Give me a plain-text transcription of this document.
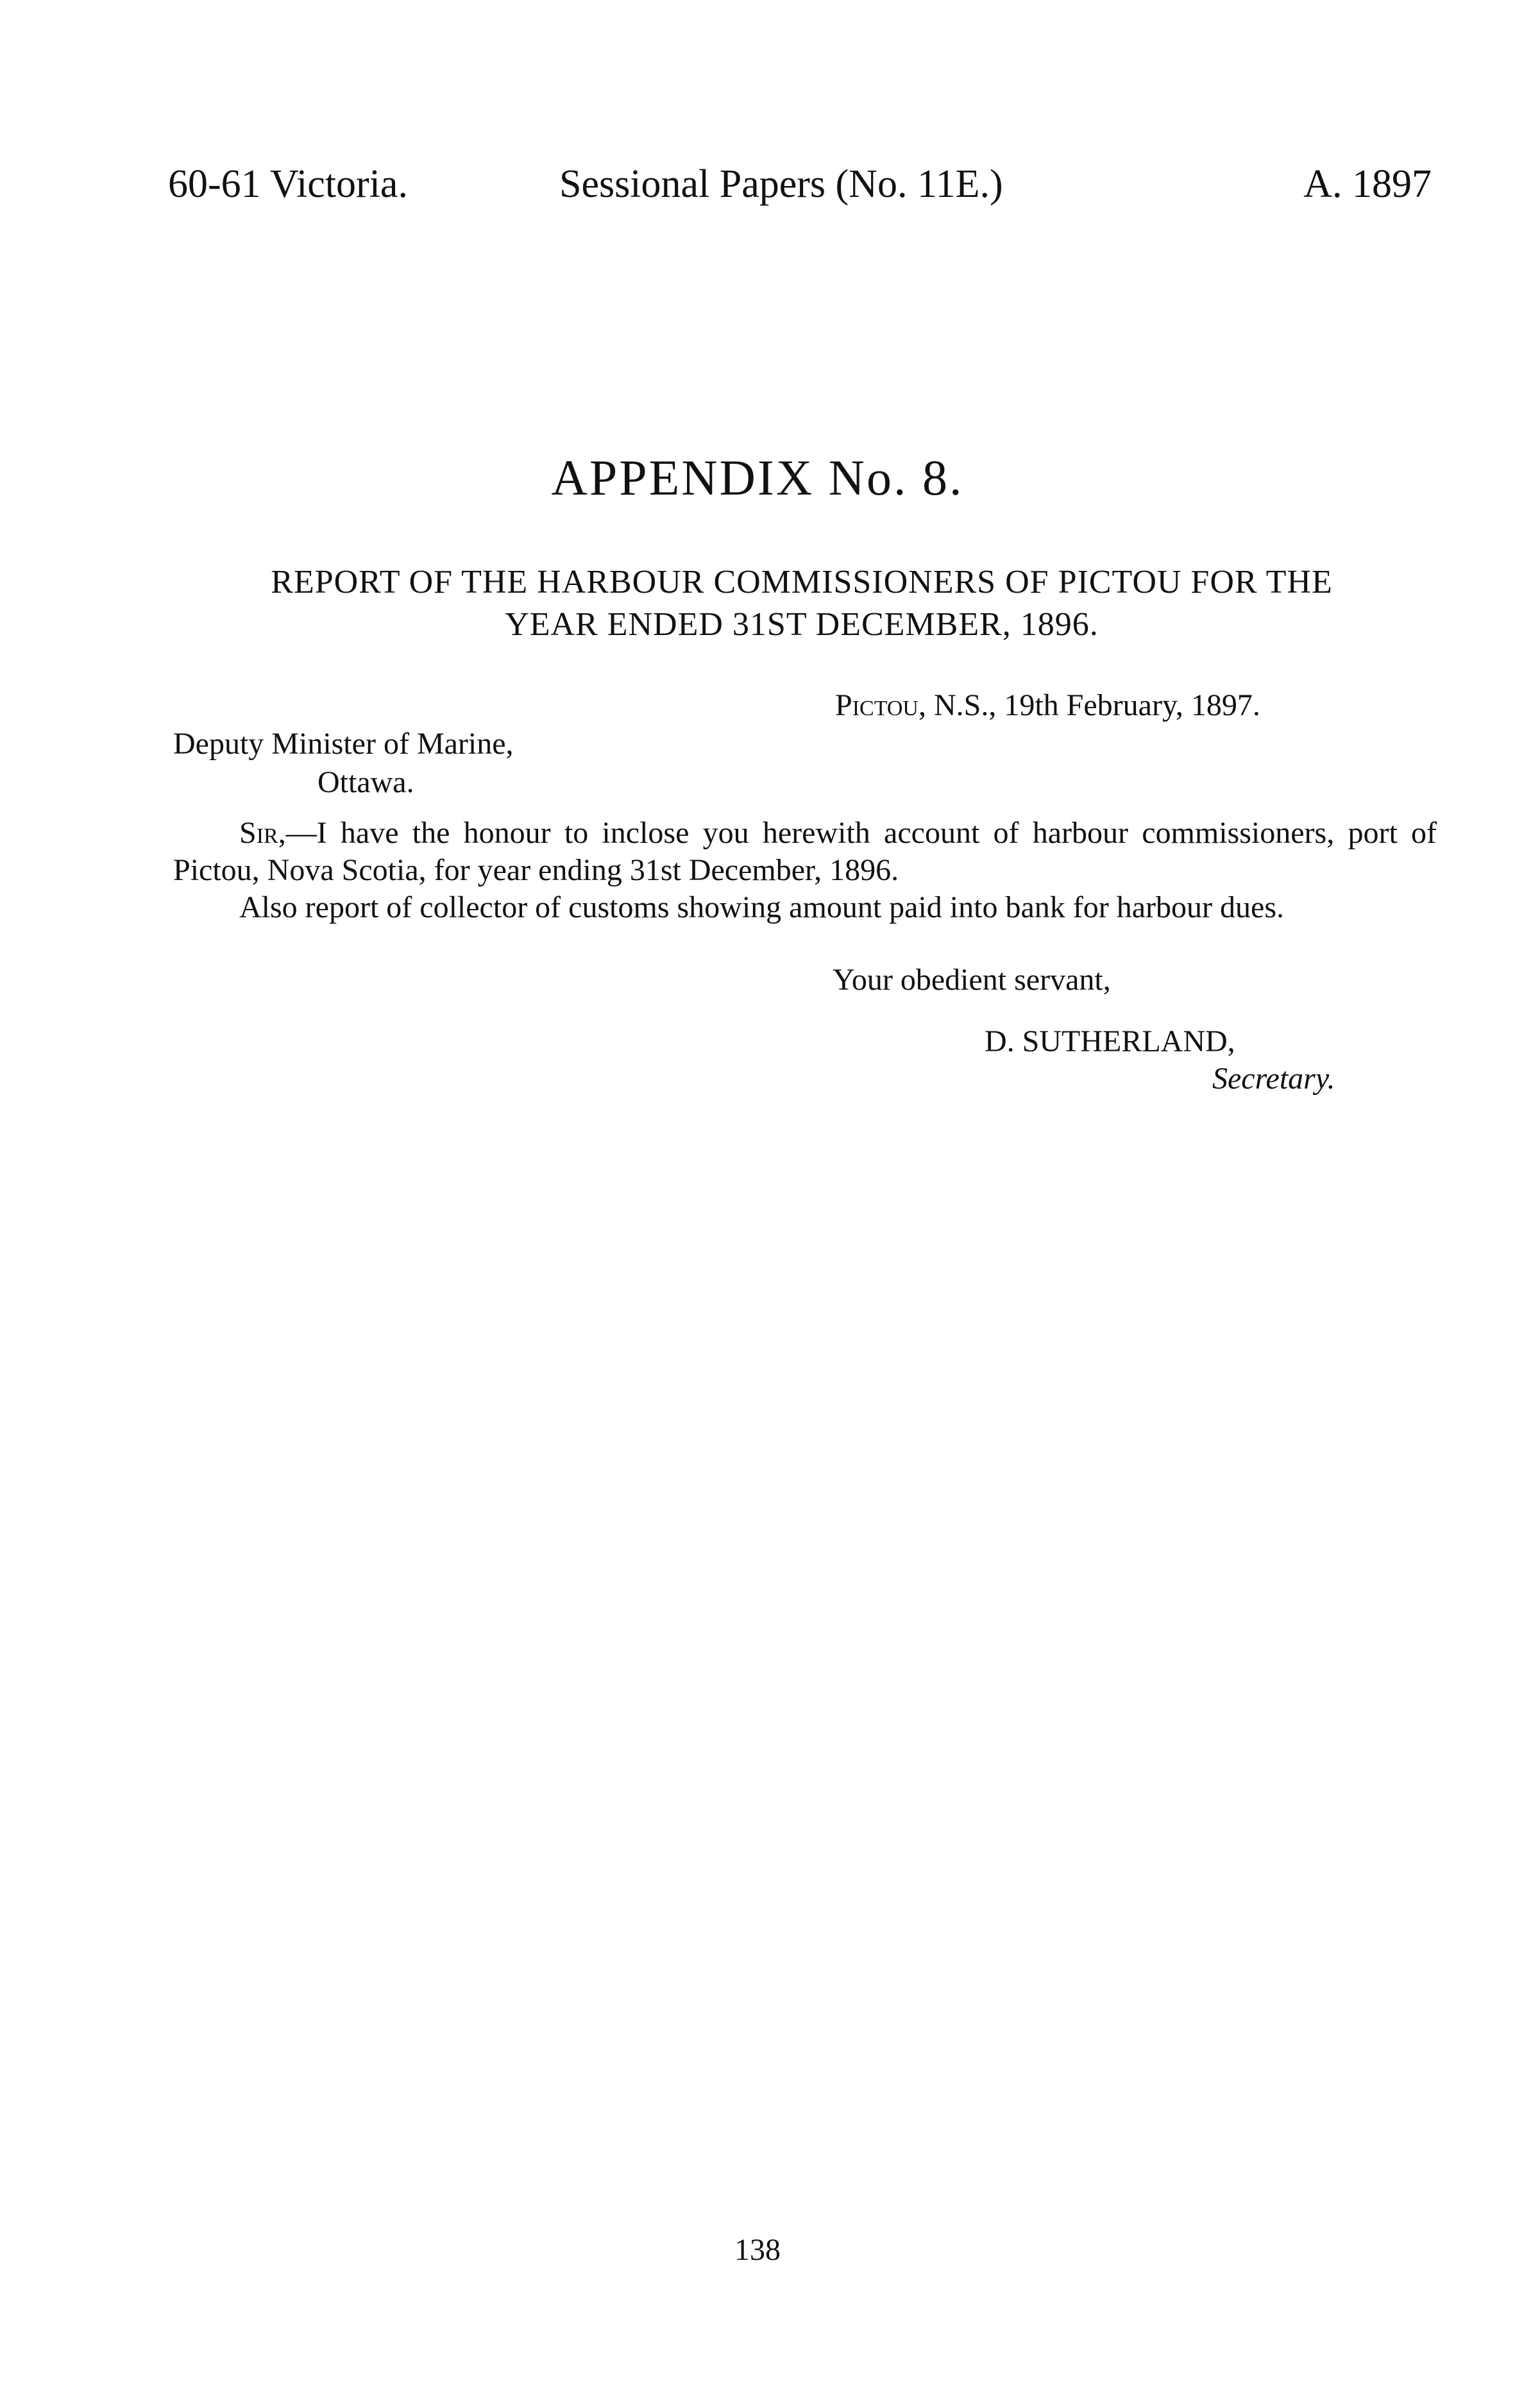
60-61 Victoria.	Sessional Papers (No. 11E.)	A. 1897
APPENDIX No. 8.
REPORT OF THE HARBOUR COMMISSIONERS OF PICTOU FOR THE
YEAR ENDED 31ST DECEMBER, 1896.
Pictou, N.S., 19th February, 1897.
Deputy Minister of Marine,
Ottawa.

Sir,—I have the honour to inclose you herewith account of harbour commissioners, port of Pictou, Nova Scotia, for year ending 31st December, 1896.

Also report of collector of customs showing amount paid into bank for harbour dues.

Your obedient servant,
D. SUTHERLAND,
Secretary.
138
